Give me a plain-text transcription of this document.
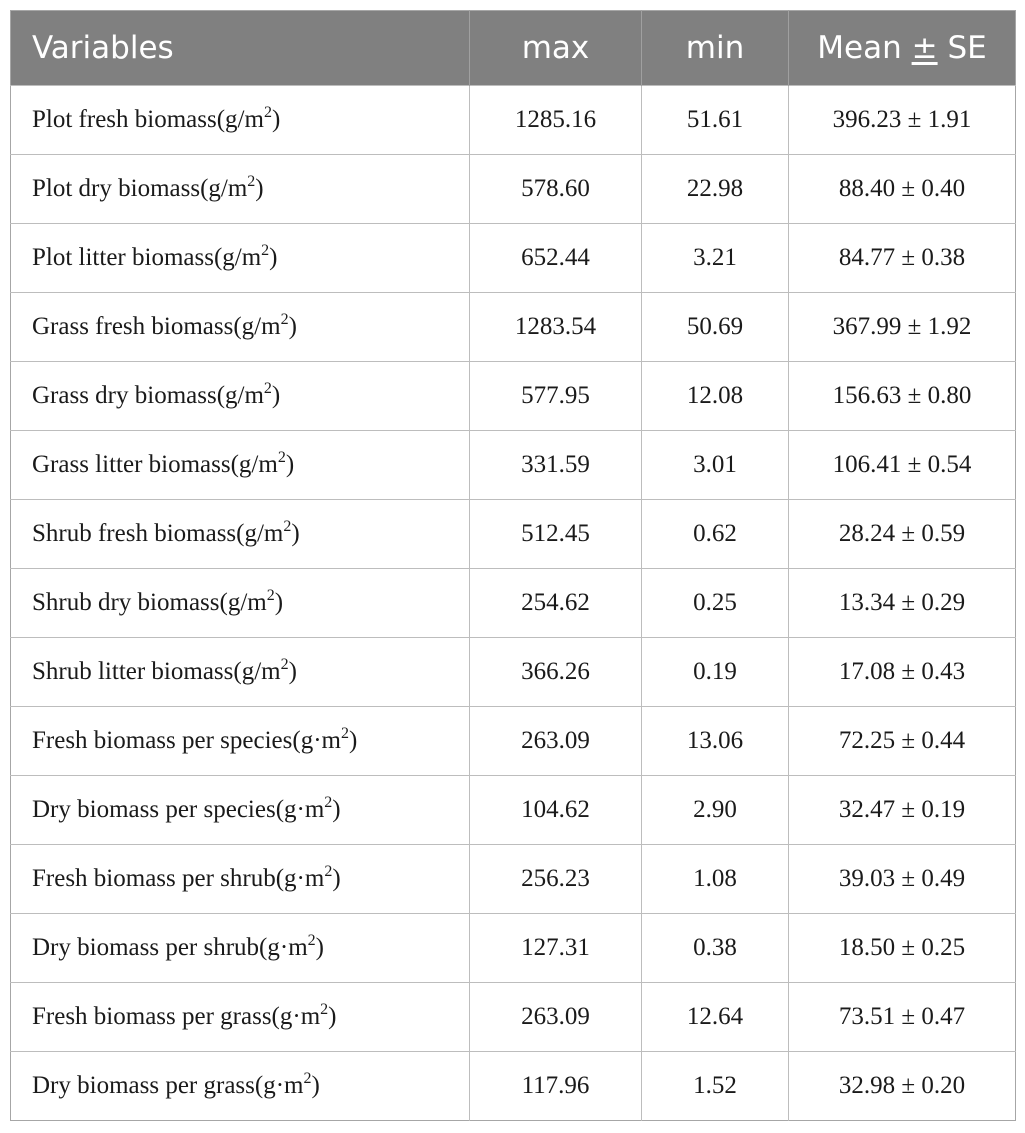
Variables	max	min	Mean ± SE
Plot fresh $biomass(g/m^2)$	1285.16	51.61	396.23 ± 1.91
Plot dry $biomass(g/m^2)$	578.60	22.98	88.40 ± 0.40
Plot litter $biomass(g/m^2)$	652.44	3.21	84.77 ± 0.38
Grass fresh $biomass(g/m^2)$	1283.54	50.69	367.99 ± 1.92
Grass dry $biomass(g/m^2)$	577.95	12.08	156.63 ± 0.80
Grass litter $biomass(g/m^2)$	331.59	3.01	106.41 ± 0.54
Shrub fresh $biomass(g/m^2)$	512.45	0.62	28.24 ± 0.59
Shrub dry $biomass(g/m^2)$	254.62	0.25	13.34 ± 0.29
Shrub litter $biomass(g/m^2)$	366.26	0.19	17.08 ± 0.43
Fresh biomass per $species(g\cdot m^2)$	263.09	13.06	72.25 ± 0.44
Dry biomass per $species(g\cdot m^2)$	104.62	2.90	32.47 ± 0.19
Fresh biomass per $shrub(g\cdot m^2)$	256.23	1.08	39.03 ± 0.49
Dry biomass per $shrub(g\cdot m^2)$	127.31	0.38	18.50 ± 0.25
Fresh biomass per $grass(g\cdot m^2)$	263.09	12.64	73.51 ± 0.47
Dry biomass per $grass(g\cdot m^2)$	117.96	1.52	32.98 ± 0.20
